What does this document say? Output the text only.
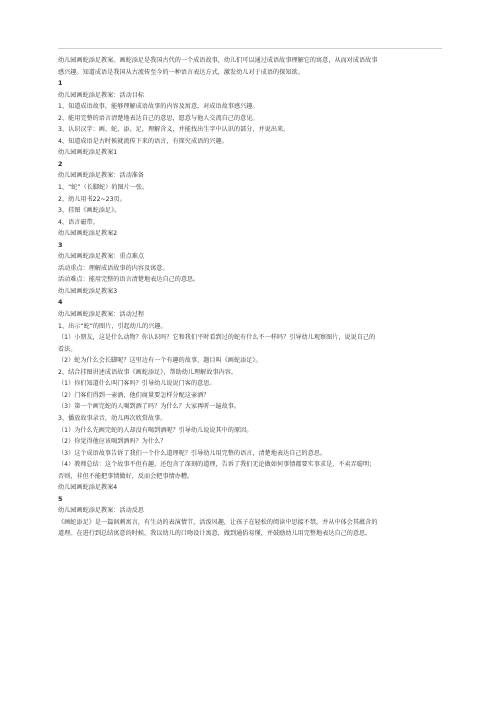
幼儿园画蛇添足教案。画蛇添足是我国古代的一个成语故事，幼儿们可以通过成语故事理解它的寓意，从而对成语故事
感兴趣。知道成语是我国从古流传至今的一种语言表达方式，激发幼儿对于成语的探知欲。
1
幼儿园画蛇添足教案：活动目标
1、知道成语故事，能够理解成语故事的内容及寓意，对成语故事感兴趣。
2、能用完整的语言清楚地表达自己的意思，愿意与他人交流自己的意见。
3、认识汉字：画、蛇、添、足，理解含义，并能找出生字中认识的部分，并说出来。
4、知道成语是古时候就流传下来的语言，有探究成语的兴趣。
幼儿园画蛇添足教案1
2
幼儿园画蛇添足教案：活动准备
1、“蛇”（长脚蛇）的图片一张。
2、幼儿用书22~23页。
3、挂图《画蛇添足》。
4、语言磁带。
幼儿园画蛇添足教案2
3
幼儿园画蛇添足教案：重点难点
活动重点：理解成语故事的内容及寓意。
活动难点：能用完整的语言清楚地表达自己的意思。
幼儿园画蛇添足教案3
4
幼儿园画蛇添足教案：活动过程
1、出示“蛇”的图片，引起幼儿的兴趣。
（1）小朋友，这是什么动物？你认识吗？它和我们平时看到过的蛇有什么不一样吗？引导幼儿观察图片，说说自己的
看法。
（2）蛇为什么会长脚呢？这里边有一个有趣的故事，题目叫《画蛇添足》。
2、结合挂图讲述成语故事《画蛇添足》，帮助幼儿理解故事内容。
（1）你们知道什么叫门客吗？引导幼儿说说门客的意思。
（2）门客们得到一壶酒，他们商量要怎样分配这壶酒？
（3）第一个画完蛇的人喝到酒了吗？为什么？大家再听一遍故事。
3、播放故事录音，幼儿再次欣赏故事。
（1）为什么先画完蛇的人却没有喝到酒呢？引导幼儿说说其中的原因。
（2）你觉得他应该喝到酒吗？为什么？
（3）这个成语故事告诉了我们一个什么道理呢？引导幼儿用完整的语言，清楚地表达自己的意思。
（4）教师总结：这个故事不但有趣，还包含了深刻的道理，告诉了我们无论做如何事情都要实事求是，不卖弄聪明；
否则，非但不能把事情做好，反而会把事情办糟。
幼儿园画蛇添足教案4
5
幼儿园画蛇添足教案：活动反思
《画蛇添足》是一篇讽刺寓言，有生动的表演情节，活泼风趣，让孩子在轻松的阅读中思接不禁，并从中体会其蕴含的
道理。在进行到总结寓意的时候，我以幼儿的口吻设计寓意，做到通俗易懂，并鼓励幼儿用完整地表达自己的意思。
